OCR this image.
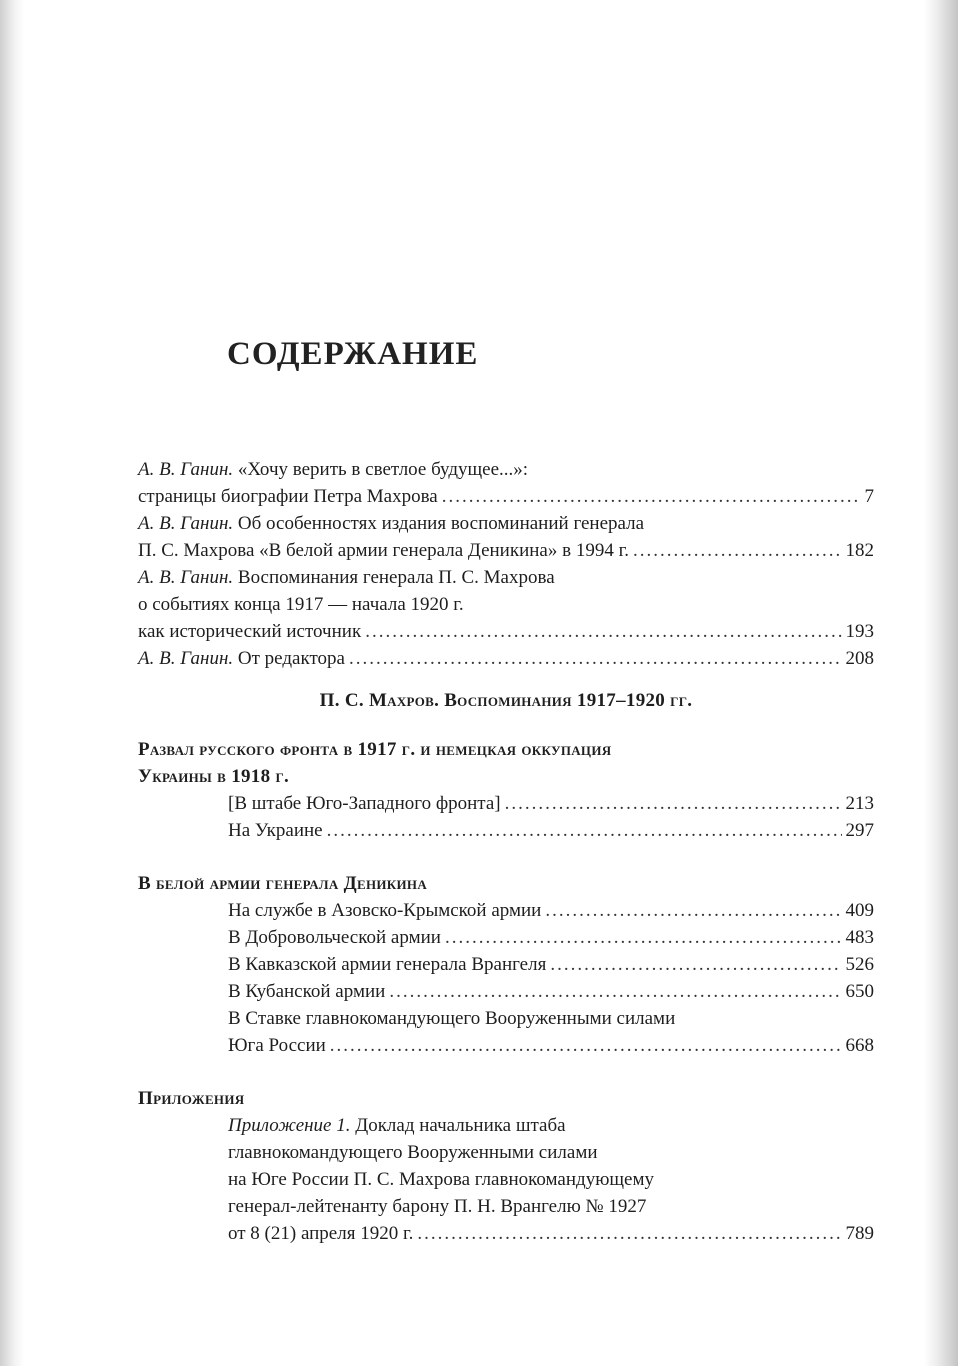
СОДЕРЖАНИЕ
А. В. Ганин.
«Хочу верить в светлое будущее...»:
страницы биографии Петра Махрова .....	7
А. В. Ганин.
Об особенностях издания воспоминаний генерала
П. С. Махрова «В белой армии генерала Деникина» в 1994 г. .....	182
А. В. Ганин.
Воспоминания генерала П. С. Махрова
о событиях конца 1917 — начала 1920 г.
как исторический источник .....	193
А. В. Ганин.
От редактора .....	208
П. С. Махров. Воспоминания 1917–1920 гг.
Развал русского фронта в 1917 г. и немецкая оккупация
Украины в 1918 г.
[В штабе Юго-Западного фронта] .....	213
На Украине .....	297
В белой армии генерала Деникина
На службе в Азовско-Крымской армии .....	409
В Добровольческой армии .....	483
В Кавказской армии генерала Врангеля .....	526
В Кубанской армии .....	650
В Ставке главнокомандующего Вооруженными силами
Юга России .....	668
Приложения
Приложение 1.
Доклад начальника штаба
главнокомандующего Вооруженными силами
на Юге России П. С. Махрова главнокомандующему
генерал-лейтенанту барону П. Н. Врангелю № 1927
от 8 (21) апреля 1920 г. .....	789
